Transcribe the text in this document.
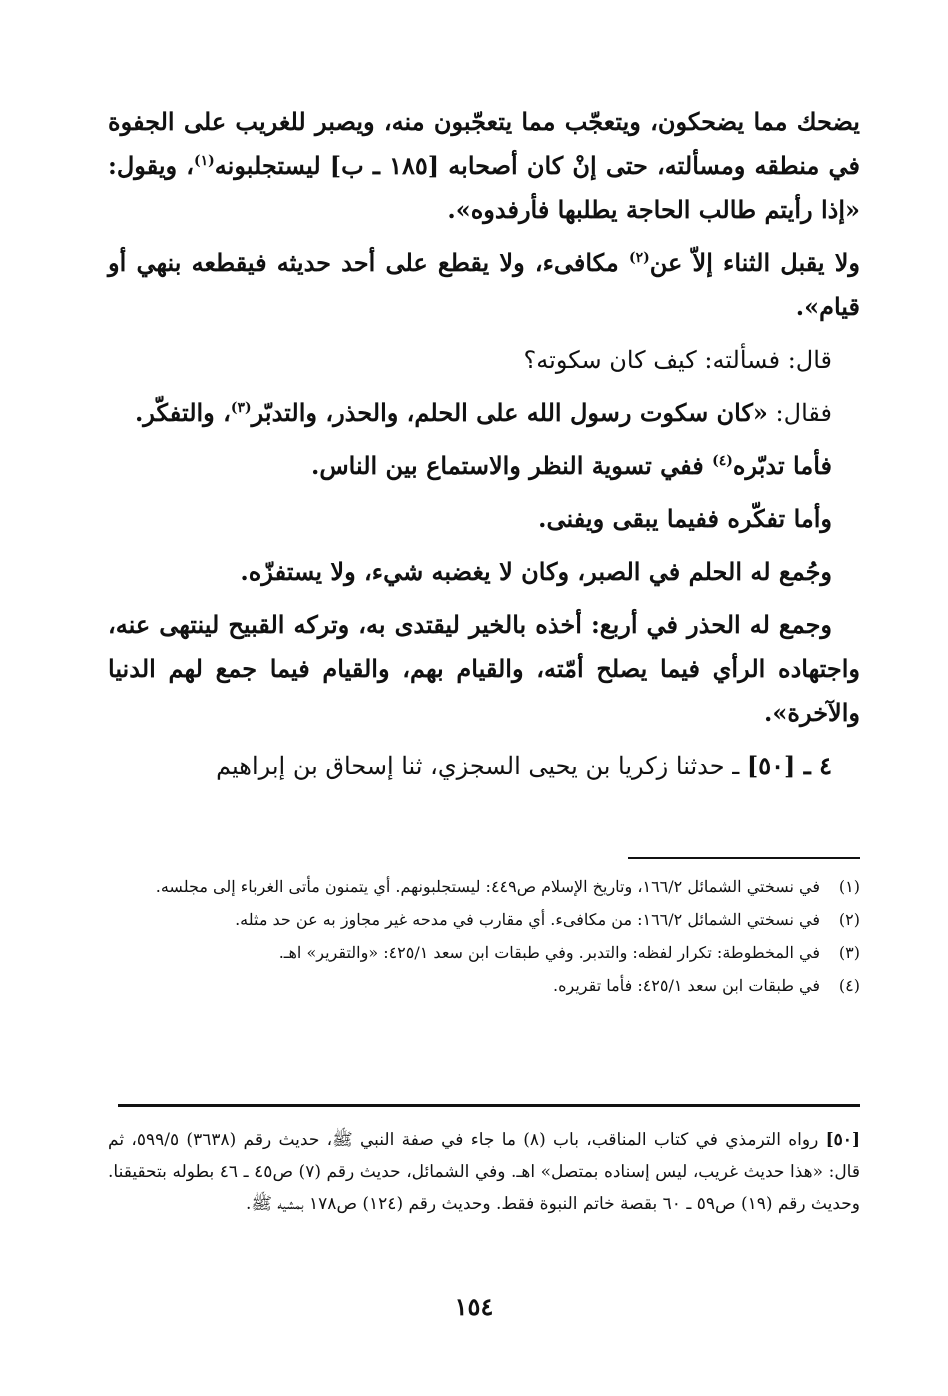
يضحك مما يضحكون، ويتعجّب مما يتعجّبون منه، ويصبر للغريب على الجفوة في منطقه ومسألته، حتى إنْ كان أصحابه [١٨٥ ـ ب] ليستجلبونه$^{(١)}$، ويقول: «إذا رأيتم طالب الحاجة يطلبها فأرفدوه».

ولا يقبل الثناء إلاّ عن$^{(٢)}$ مكافىء، ولا يقطع على أحد حديثه فيقطعه بنهي أو قيام».

قال: فسألته: كيف كان سكوته؟

فقال: «كان سكوت رسول الله على الحلم، والحذر، والتدبّر$^{(٣)}$، والتفكّر.

فأما تدبّره$^{(٤)}$ ففي تسوية النظر والاستماع بين الناس.

وأما تفكّره ففيما يبقى ويفنى.

وجُمع له الحلم في الصبر، وكان لا يغضبه شيء، ولا يستفزّه.

وجمع له الحذر في أربع: أخذه بالخير ليقتدى به، وتركه القبيح لينتهى عنه، واجتهاده الرأي فيما يصلح أمّته، والقيام بهم، والقيام فيما جمع لهم الدنيا والآخرة».

٤ ـ [٥٠] ـ حدثنا زكريا بن يحيى السجزي، ثنا إسحاق بن إبراهيم

(١)
في نسختي الشمائل ١٦٦/٢، وتاريخ الإسلام ص٤٤٩: ليستجلبونهم. أي يتمنون مأتى الغرباء إلى مجلسه.
(٢)
في نسختي الشمائل ١٦٦/٢: من مكافىء. أي مقارب في مدحه غير مجاوز به عن حد مثله.
(٣)
في المخطوطة: تكرار لفظه: والتدبر. وفي طبقات ابن سعد ٤٢٥/١: «والتقرير» اهـ.
(٤)
في طبقات ابن سعد ٤٢٥/١: فأما تقريره.
[٥٠] رواه الترمذي في كتاب المناقب، باب (٨) ما جاء في صفة النبي ﷺ، حديث رقم (٣٦٣٨) ٥٩٩/٥، ثم قال: «هذا حديث غريب، ليس إسناده بمتصل» اهـ. وفي الشمائل، حديث رقم (٧) ص٤٥ ـ ٤٦ بطوله بتحقيقنا. وحديث رقم (١٩) ص٥٩ ـ ٦٠ بقصة خاتم النبوة فقط. وحديث رقم (١٢٤) ص١٧٨ بمشيه ﷺ.
١٥٤
